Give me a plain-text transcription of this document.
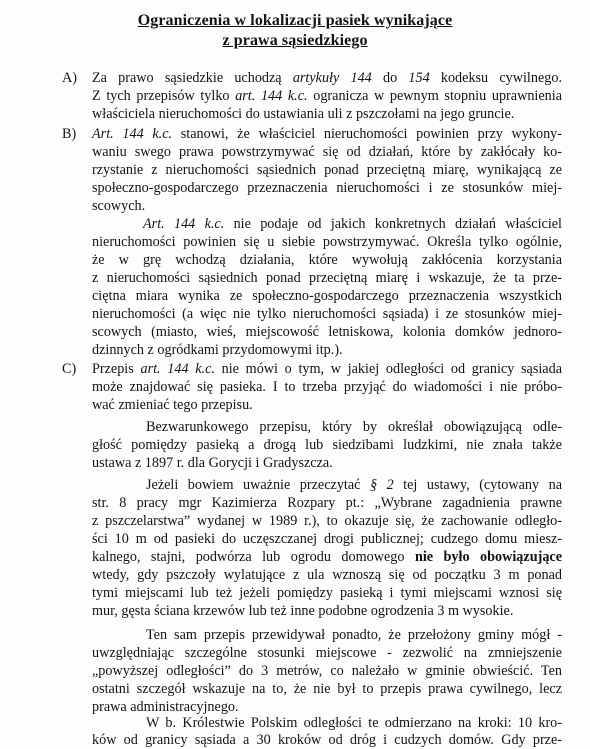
Ograniczenia w lokalizacji pasiek wynikające
z prawa sąsiedzkiego
A) Za prawo sąsiedzkie uchodzą artykuły 144 do 154 kodeksu cywilnego.
Z tych przepisów tylko art. 144 k.c. ogranicza w pewnym stopniu uprawnienia
właściciela nieruchomości do ustawiania uli z pszczołami na jego gruncie.
B) Art. 144 k.c. stanowi, że właściciel nieruchomości powinien przy wykony-
waniu swego prawa powstrzymywać się od działań, które by zakłócały ko-
rzystanie z nieruchomości sąsiednich ponad przeciętną miarę, wynikającą ze
społeczno-gospodarczego przeznaczenia nieruchomości i ze stosunków miej-
scowych.
Art. 144 k.c. nie podaje od jakich konkretnych działań właściciel
nieruchomości powinien się u siebie powstrzymywać. Określa tylko ogólnie,
że w grę wchodzą działania, które wywołują zakłócenia korzystania
z nieruchomości sąsiednich ponad przeciętną miarę i wskazuje, że ta prze-
ciętna miara wynika ze społeczno-gospodarczego przeznaczenia wszystkich
nieruchomości (a więc nie tylko nieruchomości sąsiada) i ze stosunków miej-
scowych (miasto, wieś, miejscowość letniskowa, kolonia domków jednoro-
dzinnych z ogródkami przydomowymi itp.).
C) Przepis art. 144 k.c. nie mówi o tym, w jakiej odległości od granicy sąsiada
może znajdować się pasieka. I to trzeba przyjąć do wiadomości i nie próbo-
wać zmieniać tego przepisu.
Bezwarunkowego przepisu, który by określał obowiązującą odle-
głość pomiędzy pasieką a drogą lub siedzibami ludzkimi, nie znała także
ustawa z 1897 r. dla Gorycji i Gradyszcza.
Jeżeli bowiem uważnie przeczytać § 2 tej ustawy, (cytowany na
str. 8 pracy mgr Kazimierza Rozpary pt.: „Wybrane zagadnienia prawne
z pszczelarstwa” wydanej w 1989 r.), to okazuje się, że zachowanie odległo-
ści 10 m od pasieki do uczęszczanej drogi publicznej; cudzego domu miesz-
kalnego, stajni, podwórza lub ogrodu domowego nie było obowiązujące
wtedy, gdy pszczoły wylatujące z ula wznoszą się od początku 3 m ponad
tymi miejscami lub też jeżeli pomiędzy pasieką i tymi miejscami wznosi się
mur, gęsta ściana krzewów lub też inne podobne ogrodzenia 3 m wysokie.
Ten sam przepis przewidywał ponadto, że przełożony gminy mógł -
uwzględniając szczególne stosunki miejscowe - zezwolić na zmniejszenie
„powyższej odległości” do 3 metrów, co należało w gminie obwieścić. Ten
ostatni szczegół wskazuje na to, że nie był to przepis prawa cywilnego, lecz
prawa administracyjnego.
W b. Królestwie Polskim odległości te odmierzano na kroki: 10 kro-
ków od granicy sąsiada a 30 kroków od dróg i cudzych domów. Gdy prze-
